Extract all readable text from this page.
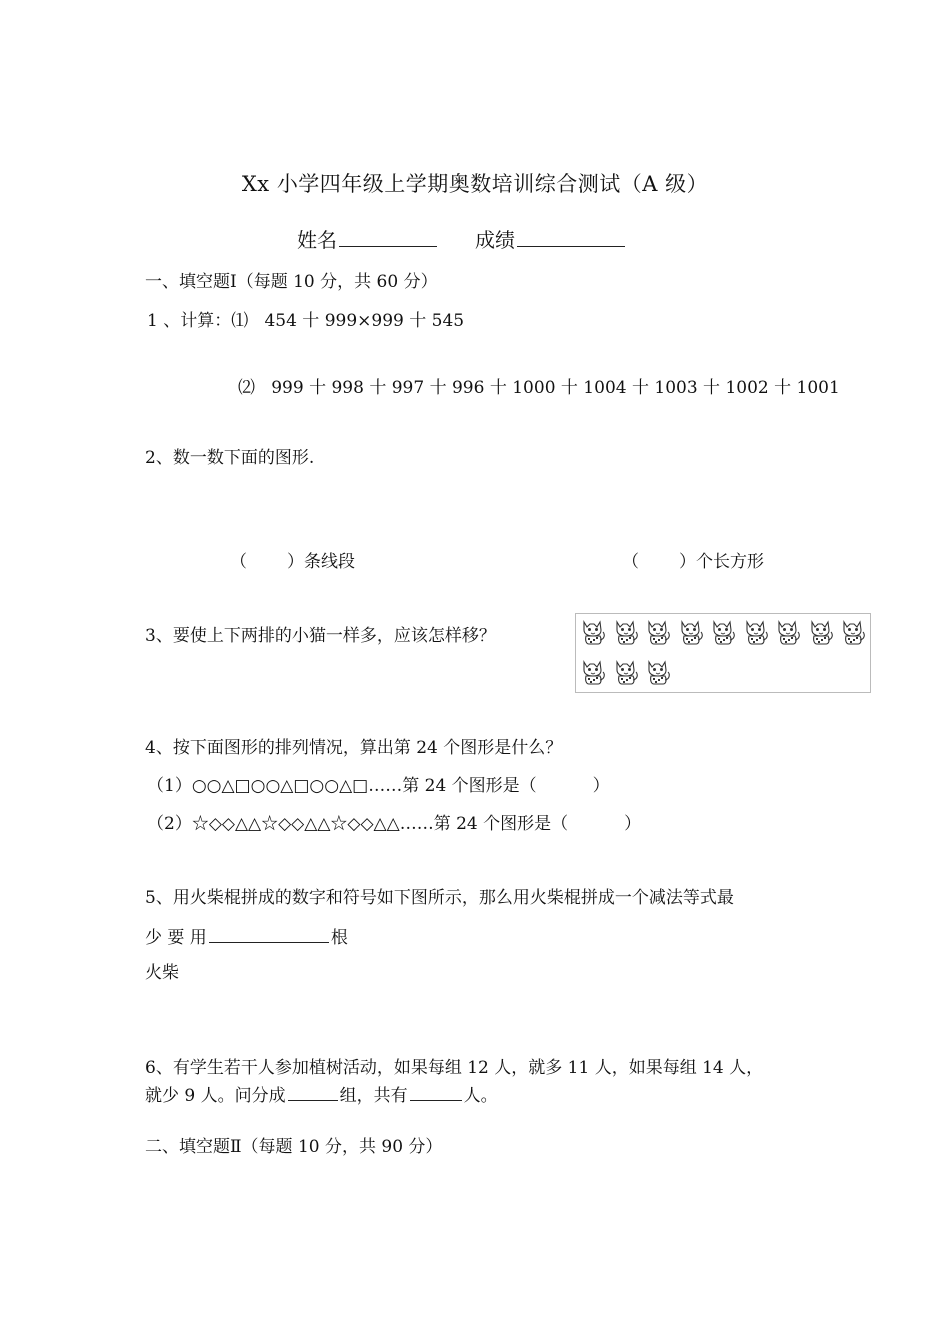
Xx 小学四年级上学期奥数培训综合测试（A 级）
姓名	成绩
一、填空题Ⅰ（每题 10 分，共 60 分）
1 、计算：⑴ 454 十 999×999 十 545
⑵ 999 十 998 十 997 十 996 十 1000 十 1004 十 1003 十 1002 十 1001
2、数一数下面的图形.
（ ）条线段	（ ）个长方形
3、要使上下两排的小猫一样多，应该怎样移？
4、按下面图形的排列情况，算出第 24 个图形是什么？
（1）○○△□○○△□○○△□……第 24 个图形是（	）
（2）☆◇◇△△☆◇◇△△☆◇◇△△……第 24 个图形是（	）
5、用火柴棍拼成的数字和符号如下图所示，那么用火柴棍拼成一个减法等式最
少 要 用	根
火柴
6、有学生若干人参加植树活动，如果每组 12 人，就多 11 人，如果每组 14 人，
就少 9 人。问分成	组，共有	人。
二、填空题Ⅱ（每题 10 分，共 90 分）
